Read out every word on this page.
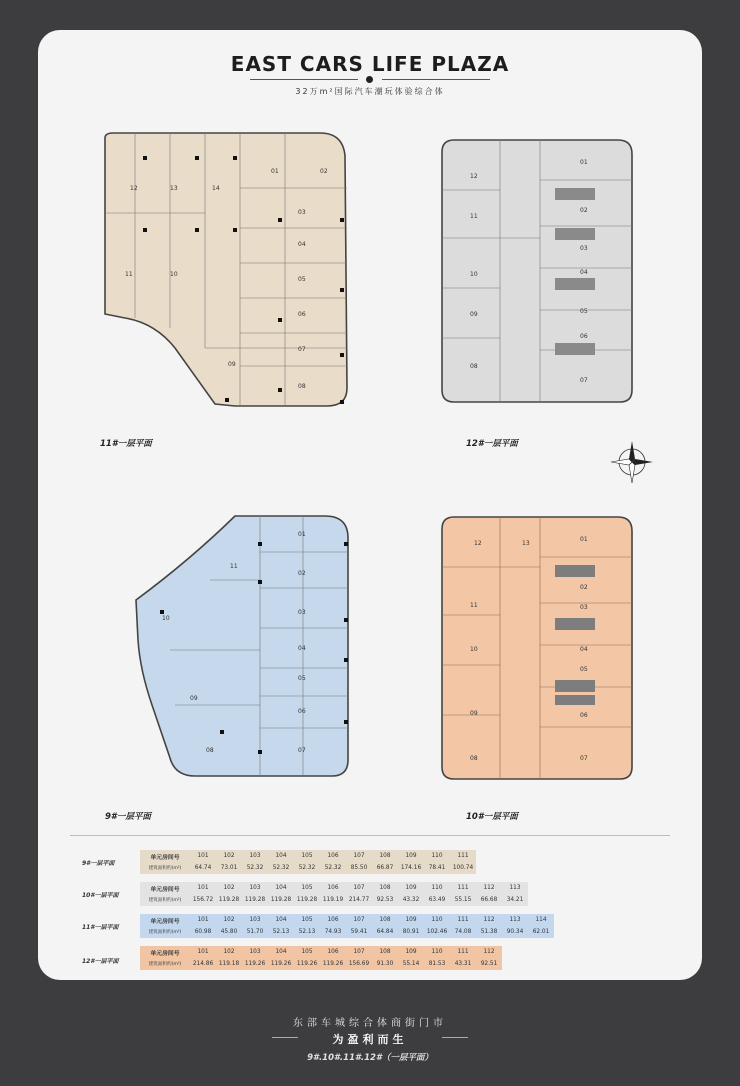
EAST CARS LIFE PLAZA
32万m²国际汽车潮玩体验综合体
12	13	14
01	02
03
04
05
06
07
08
09
10
11
11#一层平面
01
02
03
04
05
06
07
08
09
10
11
12
12#一层平面
01
02
03
04
05
06
07
08
09
10
11
9#一层平面
01
02
03
04
05
06
07
08
09
10
11
12	13
10#一层平面
9#一层平面
单元房间号	101	102	103	104	105	106	107	108	109	110	111
建筑面积约(m²)	64.74	73.01	52.32	52.32	52.32	52.32	85.50	66.87	174.16	78.41	100.74
10#一层平面
单元房间号	101	102	103	104	105	106	107	108	109	110	111	112	113
建筑面积约(m²)	156.72	119.28	119.28	119.28	119.28	119.19	214.77	92.53	43.32	63.49	55.15	66.68	34.21
11#一层平面
单元房间号	101	102	103	104	105	106	107	108	109	110	111	112	113	114
建筑面积约(m²)	60.98	45.80	51.70	52.13	52.13	74.93	59.41	64.84	80.91	102.46	74.08	51.38	90.34	62.01
12#一层平面
单元房间号	101	102	103	104	105	106	107	108	109	110	111	112
建筑面积约(m²)	214.86	119.18	119.26	119.26	119.26	119.26	156.69	91.30	55.14	81.53	43.31	92.51
东部车城综合体商街门市
为盈利而生
9#.10#.11#.12#（一层平面）
